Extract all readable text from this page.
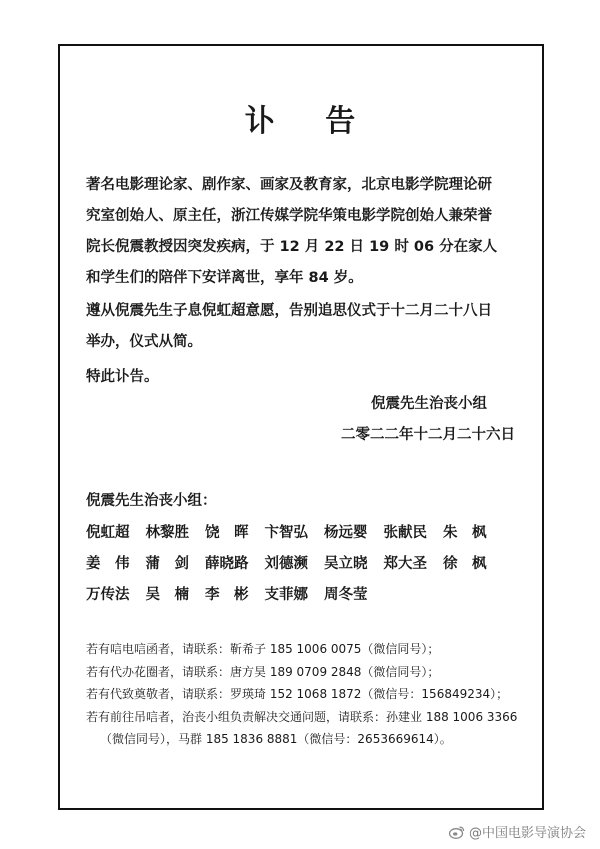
讣 告
著名电影理论家、剧作家、画家及教育家，北京电影学院理论研究室创始人、原主任，浙江传媒学院华策电影学院创始人兼荣誉院长倪震教授因突发疾病，于 12 月 22 日 19 时 06 分在家人和学生们的陪伴下安详离世，享年 84 岁。
遵从倪震先生子息倪虹超意愿，告别追思仪式于十二月二十八日举办，仪式从简。
特此讣告。
倪震先生治丧小组
二零二二年十二月二十六日
倪震先生治丧小组：
倪虹超 林黎胜 饶　晖 卞智弘 杨远婴 张献民 朱　枫
姜　伟 蒲　剑 薛晓路 刘德濒 吴立晓 郑大圣 徐　枫
万传法 吴　楠 李　彬 支菲娜 周冬莹
若有唁电唁函者，请联系：靳希子 185 1006 0075（微信同号）；
若有代办花圈者，请联系：唐方昊 189 0709 2848（微信同号）；
若有代致奠敬者，请联系：罗瑛琦 152 1068 1872（微信号：156849234）；
若有前往吊唁者，治丧小组负责解决交通问题，请联系：孙建业 188 1006 3366
（微信同号），马群 185 1836 8881（微信号：2653669614）。
@中国电影导演协会
